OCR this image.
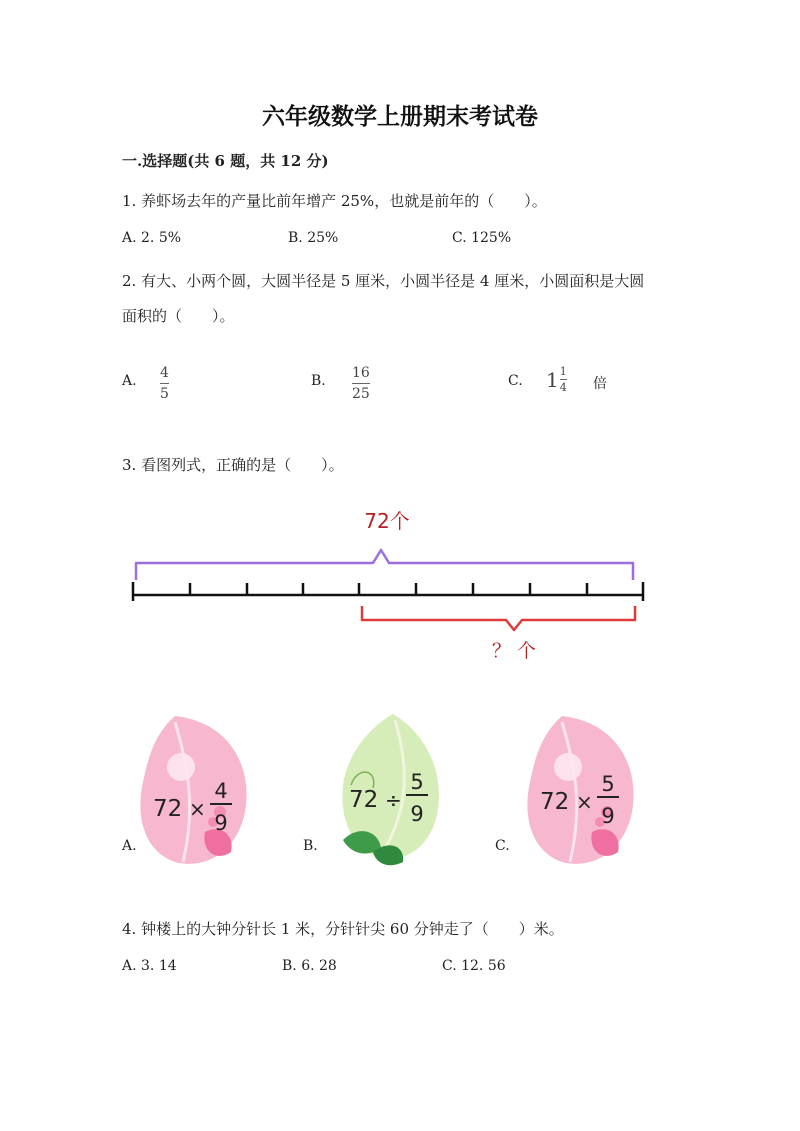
六年级数学上册期末考试卷
一.选择题(共 6 题，共 12 分)
1. 养虾场去年的产量比前年增产 25%，也就是前年的（　　）。
A. 2. 5%	B. 25%	C. 125%
2. 有大、小两个圆，大圆半径是 5 厘米，小圆半径是 4 厘米，小圆面积是大圆
面积的（　　）。
A. 4
5
B. 16
25
C. $1 \frac{1}{4}$ 倍
3. 看图列式，正确的是（　　）。
72个
？ 个
A.
72 ×
4
9
B.
72 ÷
5
9
C.
72 ×
5
9
4. 钟楼上的大钟分针长 1 米，分针针尖 60 分钟走了（　　）米。
A. 3. 14	B. 6. 28	C. 12. 56
